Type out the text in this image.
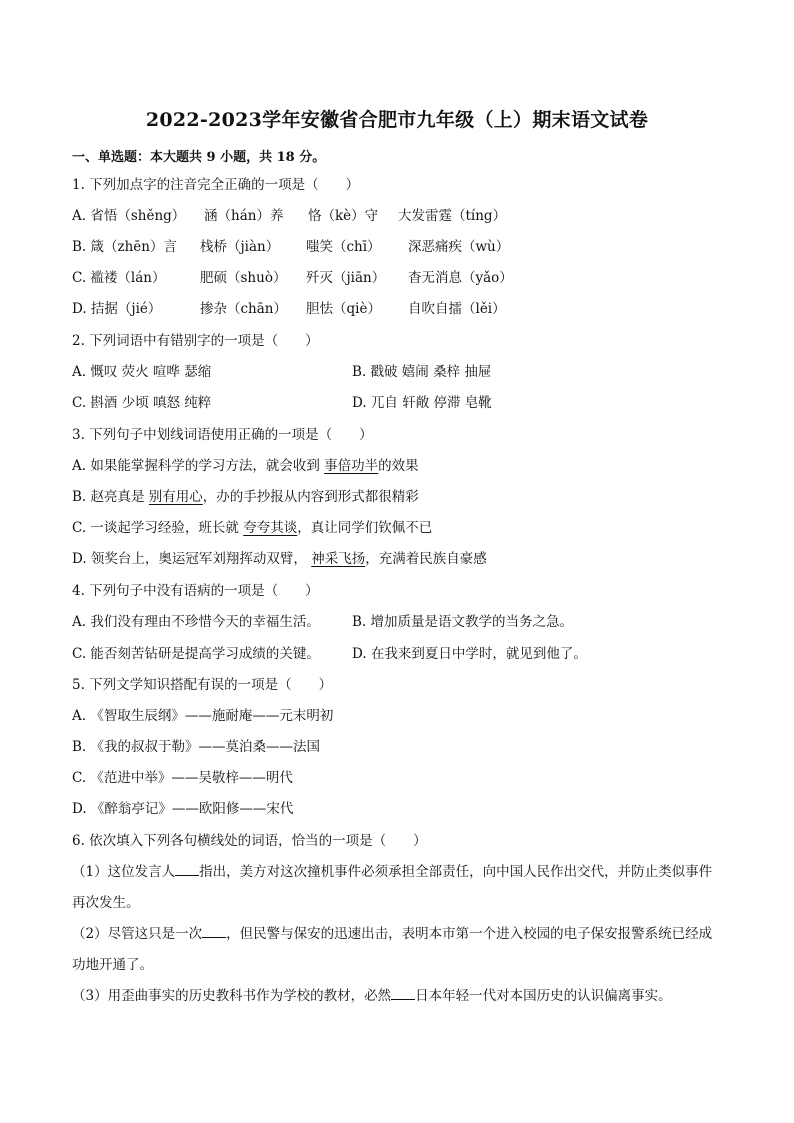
2022-2023学年安徽省合肥市九年级（上）期末语文试卷
一、单选题：本大题共 9 小题，共 18 分。
1. 下列加点字的注音完全正确的一项是（　　）
A. 省悟（shěng） 涵（hán）养 恪（kè）守 大发雷霆（tíng）
B. 箴（zhēn）言 栈桥（jiàn） 嗤笑（chī） 深恶痛疾（wù）
C. 褴褛（lán）	肥硕（shuò） 歼灭（jiān） 杳无消息（yǎo）
D. 拮据（jié）	掺杂（chān） 胆怯（qiè） 自吹自擂（lěi）
2. 下列词语中有错别字的一项是（　　）
A. 慨叹 荧火 喧哗 瑟缩	B. 戳破 嬉闹 桑梓 抽屉
C. 斟酒 少顷 嗔怒 纯粹	D. 兀自 轩敞 停滞 皂靴
3. 下列句子中划线词语使用正确的一项是（　　）
A. 如果能掌握科学的学习方法，就会收到 事倍功半的效果
B. 赵亮真是 别有用心，办的手抄报从内容到形式都很精彩
C. 一谈起学习经验，班长就 夸夸其谈，真让同学们钦佩不已
D. 领奖台上，奥运冠军刘翔挥动双臂， 神采飞扬，充满着民族自豪感
4. 下列句子中没有语病的一项是（　　）
A. 我们没有理由不珍惜今天的幸福生活。 B. 增加质量是语文教学的当务之急。
C. 能否刻苦钻研是提高学习成绩的关键。 D. 在我来到夏日中学时，就见到他了。
5. 下列文学知识搭配有误的一项是（　　）
A. 《智取生辰纲》——施耐庵——元末明初
B. 《我的叔叔于勒》——莫泊桑——法国
C. 《范进中举》——吴敬梓——明代
D. 《醉翁亭记》——欧阳修——宋代
6. 依次填入下列各句横线处的词语，恰当的一项是（　　）
（1）这位发言人 指出，美方对这次撞机事件必须承担全部责任，向中国人民作出交代，并防止类似事件再次发生。
（2）尽管这只是一次 ，但民警与保安的迅速出击，表明本市第一个进入校园的电子保安报警系统已经成功地开通了。
（3）用歪曲事实的历史教科书作为学校的教材，必然 日本年轻一代对本国历史的认识偏离事实。
